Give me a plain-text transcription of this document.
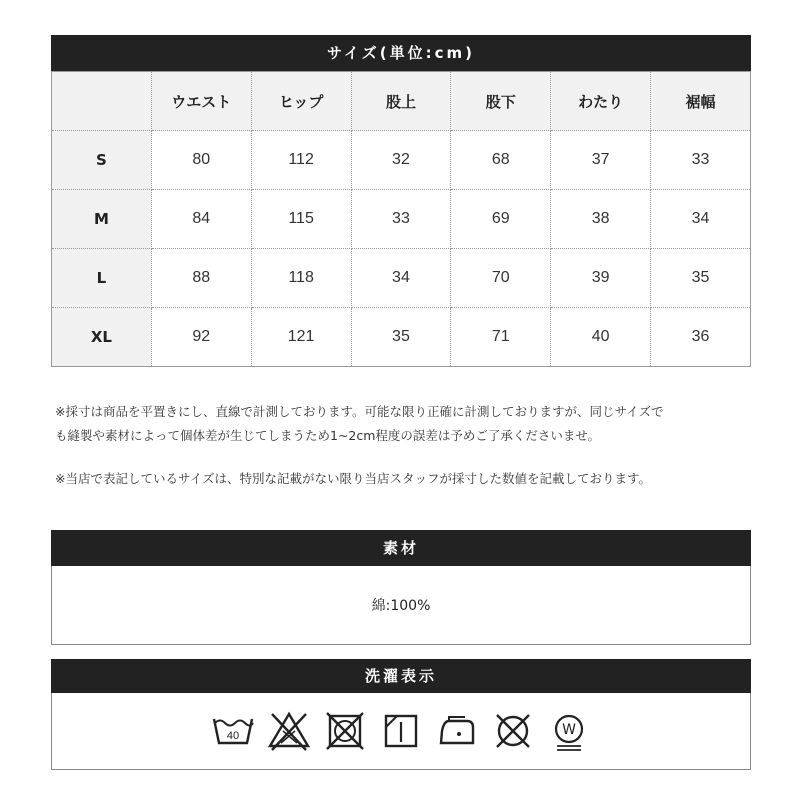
サイズ(単位:cm)
	ウエスト	ヒップ	股上	股下	わたり	裾幅
S	80	112	32	68	37	33
M	84	115	33	69	38	34
L	88	118	34	70	39	35
XL	92	121	35	71	40	36
※採寸は商品を平置きにし、直線で計測しております。可能な限り正確に計測しておりますが、同じサイズで
も縫製や素材によって個体差が生じてしまうため1~2cm程度の誤差は予めご了承くださいませ。
※当店で表記しているサイズは、特別な記載がない限り当店スタッフが採寸した数値を記載しております。
素材
綿:100%
洗濯表示
40	W
